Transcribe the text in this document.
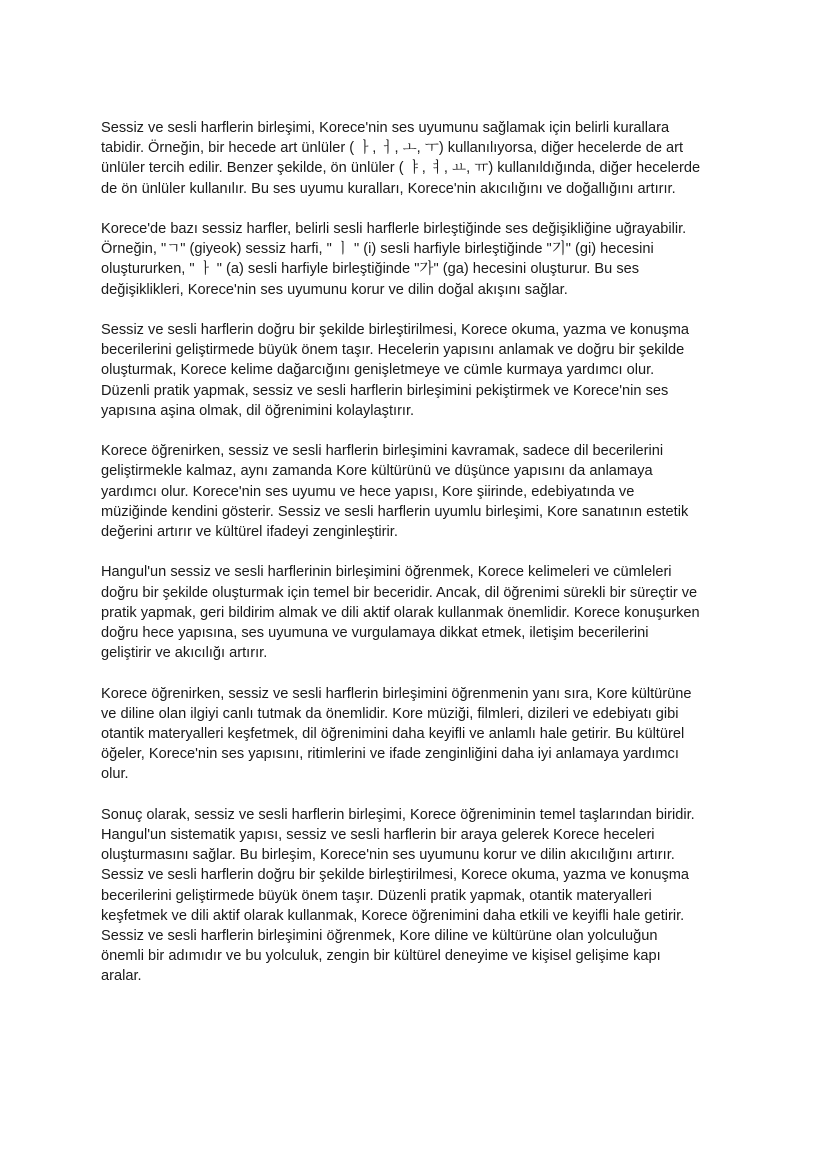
Sessiz ve sesli harflerin birleşimi, Korece'nin ses uyumunu sağlamak için belirli kurallara
tabidir. Örneğin, bir hecede art ünlüler ( ㅏ, ㅓ, ㅗ, ㅜ) kullanılıyorsa, diğer hecelerde de art
ünlüler tercih edilir. Benzer şekilde, ön ünlüler ( ㅑ, ㅕ, ㅛ, ㅠ) kullanıldığında, diğer hecelerde
de ön ünlüler kullanılır. Bu ses uyumu kuralları, Korece'nin akıcılığını ve doğallığını artırır.

Korece'de bazı sessiz harfler, belirli sesli harflerle birleştiğinde ses değişikliğine uğrayabilir.
Örneğin, "ㄱ" (giyeok) sessiz harfi, " ㅣ " (i) sesli harfiyle birleştiğinde "기" (gi) hecesini
oluştururken, " ㅏ " (a) sesli harfiyle birleştiğinde "가" (ga) hecesini oluşturur. Bu ses
değişiklikleri, Korece'nin ses uyumunu korur ve dilin doğal akışını sağlar.

Sessiz ve sesli harflerin doğru bir şekilde birleştirilmesi, Korece okuma, yazma ve konuşma
becerilerini geliştirmede büyük önem taşır. Hecelerin yapısını anlamak ve doğru bir şekilde
oluşturmak, Korece kelime dağarcığını genişletmeye ve cümle kurmaya yardımcı olur.
Düzenli pratik yapmak, sessiz ve sesli harflerin birleşimini pekiştirmek ve Korece'nin ses
yapısına aşina olmak, dil öğrenimini kolaylaştırır.

Korece öğrenirken, sessiz ve sesli harflerin birleşimini kavramak, sadece dil becerilerini
geliştirmekle kalmaz, aynı zamanda Kore kültürünü ve düşünce yapısını da anlamaya
yardımcı olur. Korece'nin ses uyumu ve hece yapısı, Kore şiirinde, edebiyatında ve
müziğinde kendini gösterir. Sessiz ve sesli harflerin uyumlu birleşimi, Kore sanatının estetik
değerini artırır ve kültürel ifadeyi zenginleştirir.

Hangul'un sessiz ve sesli harflerinin birleşimini öğrenmek, Korece kelimeleri ve cümleleri
doğru bir şekilde oluşturmak için temel bir beceridir. Ancak, dil öğrenimi sürekli bir süreçtir ve
pratik yapmak, geri bildirim almak ve dili aktif olarak kullanmak önemlidir. Korece konuşurken
doğru hece yapısına, ses uyumuna ve vurgulamaya dikkat etmek, iletişim becerilerini
geliştirir ve akıcılığı artırır.

Korece öğrenirken, sessiz ve sesli harflerin birleşimini öğrenmenin yanı sıra, Kore kültürüne
ve diline olan ilgiyi canlı tutmak da önemlidir. Kore müziği, filmleri, dizileri ve edebiyatı gibi
otantik materyalleri keşfetmek, dil öğrenimini daha keyifli ve anlamlı hale getirir. Bu kültürel
öğeler, Korece'nin ses yapısını, ritimlerini ve ifade zenginliğini daha iyi anlamaya yardımcı
olur.

Sonuç olarak, sessiz ve sesli harflerin birleşimi, Korece öğreniminin temel taşlarından biridir.
Hangul'un sistematik yapısı, sessiz ve sesli harflerin bir araya gelerek Korece heceleri
oluşturmasını sağlar. Bu birleşim, Korece'nin ses uyumunu korur ve dilin akıcılığını artırır.
Sessiz ve sesli harflerin doğru bir şekilde birleştirilmesi, Korece okuma, yazma ve konuşma
becerilerini geliştirmede büyük önem taşır. Düzenli pratik yapmak, otantik materyalleri
keşfetmek ve dili aktif olarak kullanmak, Korece öğrenimini daha etkili ve keyifli hale getirir.
Sessiz ve sesli harflerin birleşimini öğrenmek, Kore diline ve kültürüne olan yolculuğun
önemli bir adımıdır ve bu yolculuk, zengin bir kültürel deneyime ve kişisel gelişime kapı
aralar.
